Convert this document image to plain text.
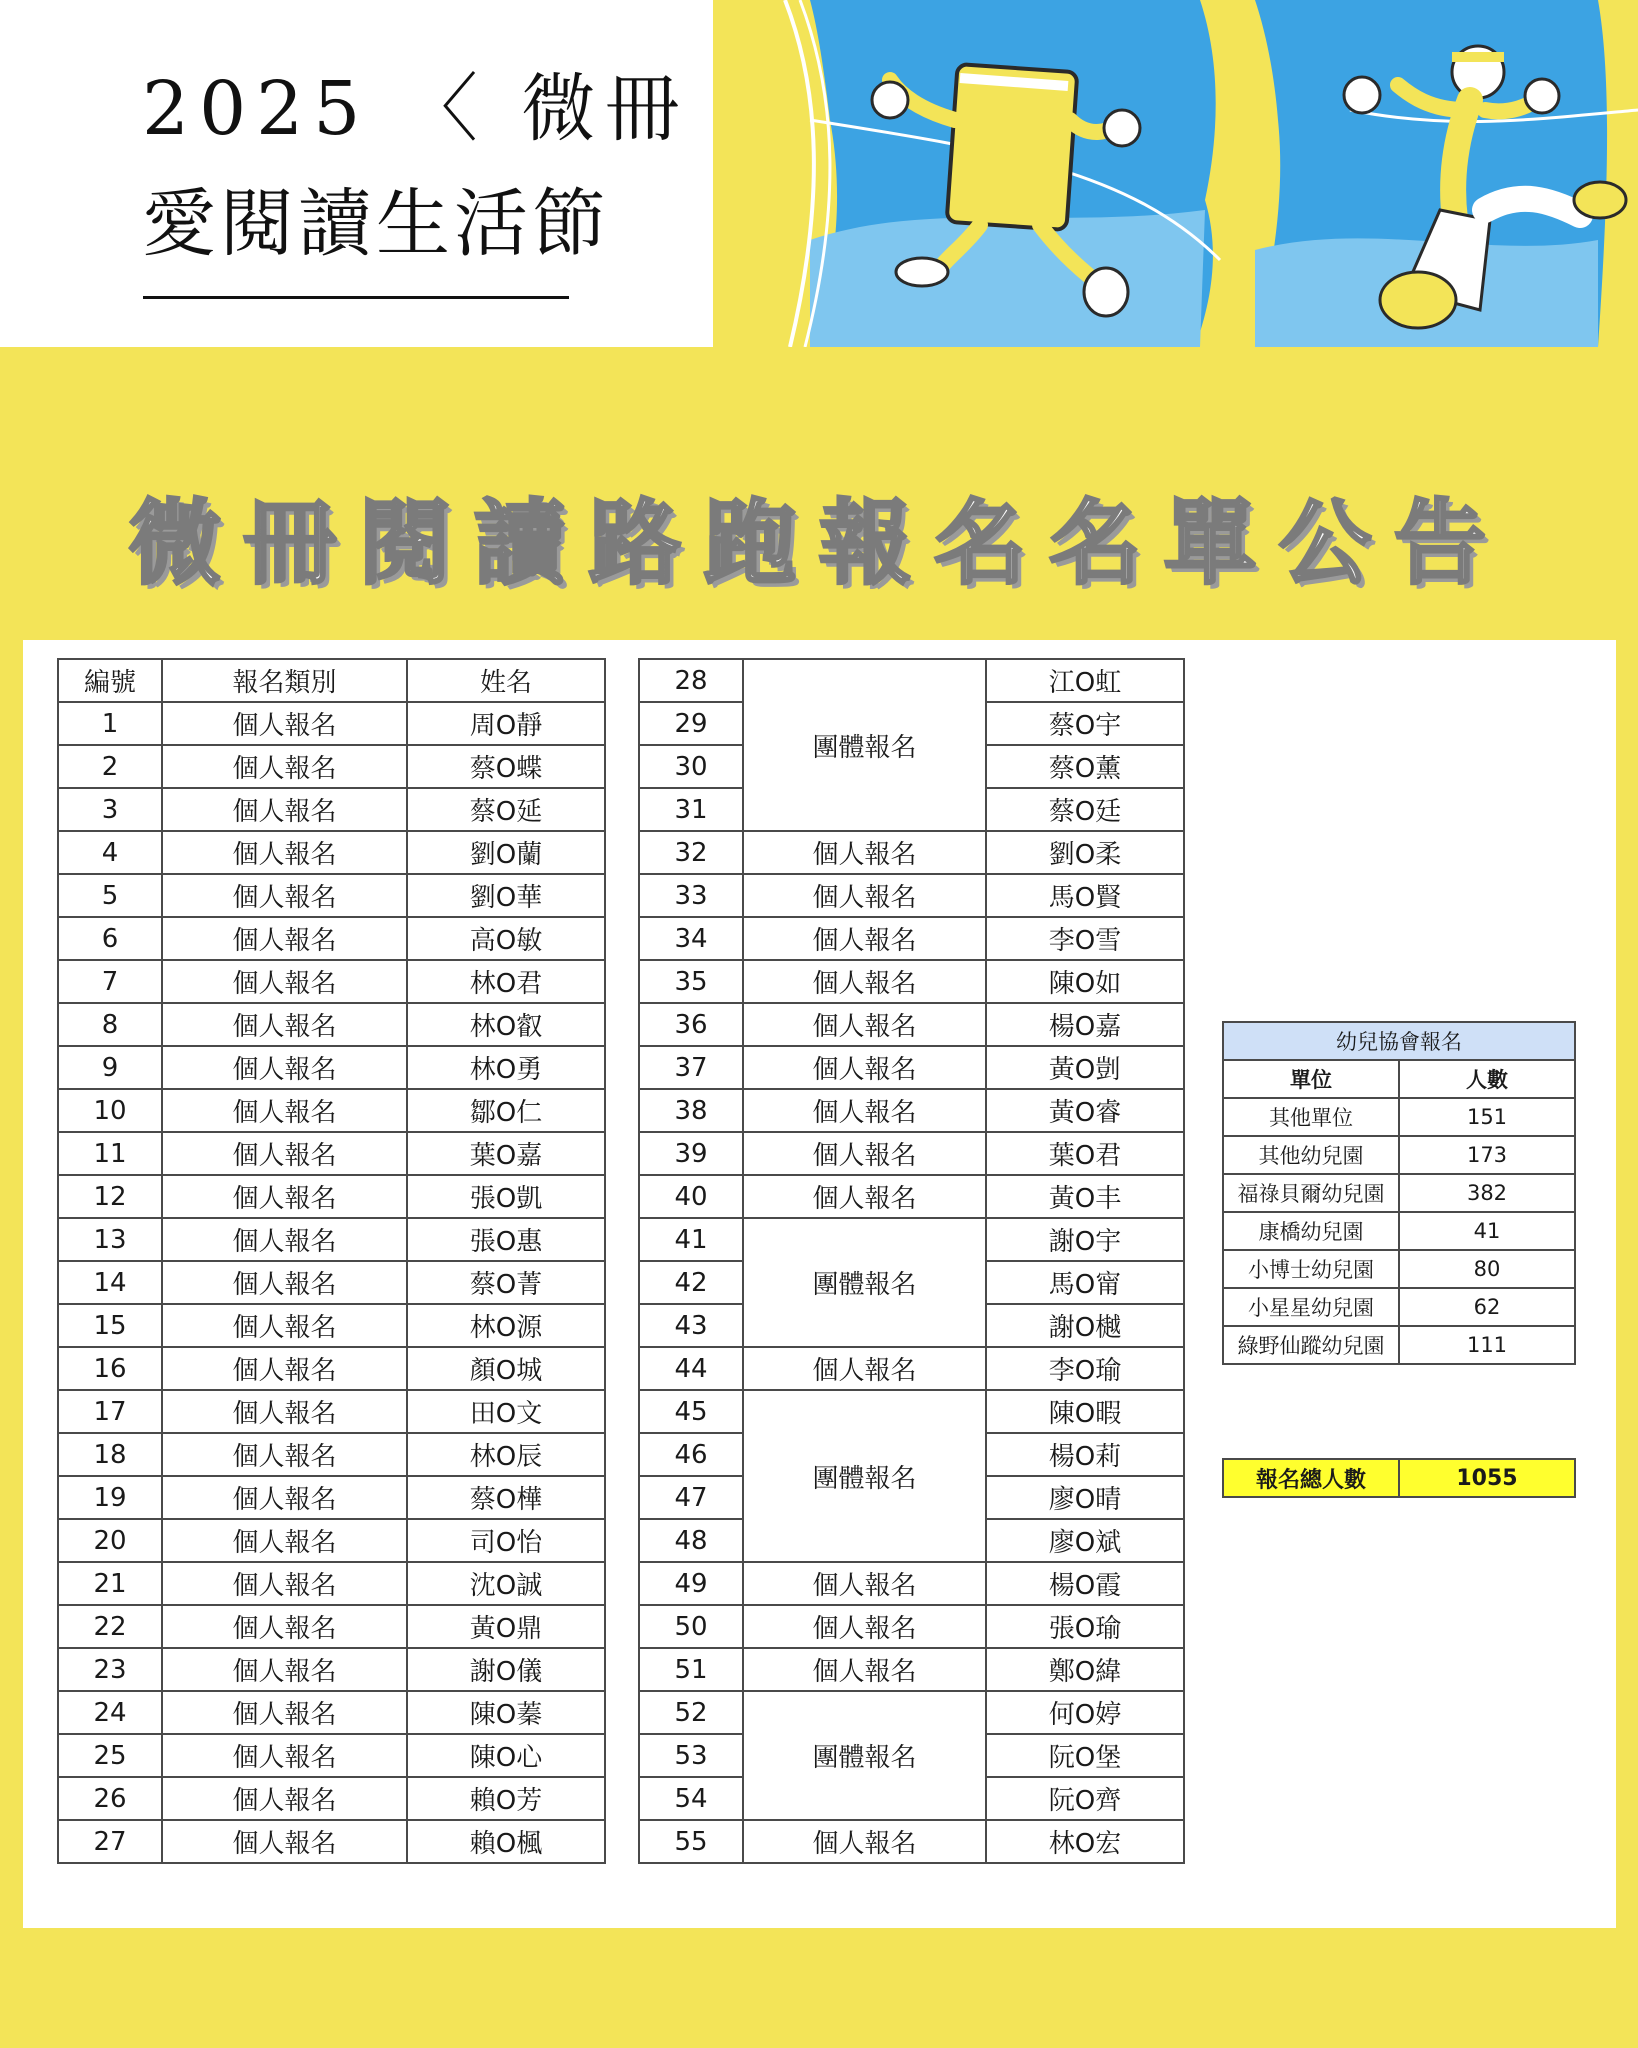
2025 〈 微冊
愛閱讀生活節
微冊閱讀路跑報名名單公告
編號	報名類別	姓名
1	個人報名	周O靜
2	個人報名	蔡O蝶
3	個人報名	蔡O延
4	個人報名	劉O蘭
5	個人報名	劉O華
6	個人報名	高O敏
7	個人報名	林O君
8	個人報名	林O叡
9	個人報名	林O勇
10	個人報名	鄒O仁
11	個人報名	葉O嘉
12	個人報名	張O凱
13	個人報名	張O惠
14	個人報名	蔡O菁
15	個人報名	林O源
16	個人報名	顏O城
17	個人報名	田O文
18	個人報名	林O辰
19	個人報名	蔡O樺
20	個人報名	司O怡
21	個人報名	沈O誠
22	個人報名	黃O鼎
23	個人報名	謝O儀
24	個人報名	陳O蓁
25	個人報名	陳O心
26	個人報名	賴O芳
27	個人報名	賴O楓
28	團體報名	江O虹
29		蔡O宇
30		蔡O薰
31		蔡O廷
32	個人報名	劉O柔
33	個人報名	馬O賢
34	個人報名	李O雪
35	個人報名	陳O如
36	個人報名	楊O嘉
37	個人報名	黃O剴
38	個人報名	黃O睿
39	個人報名	葉O君
40	個人報名	黃O丰
41	團體報名	謝O宇
42		馬O甯
43		謝O樾
44	個人報名	李O瑜
45	團體報名	陳O暇
46		楊O莉
47		廖O晴
48		廖O斌
49	個人報名	楊O霞
50	個人報名	張O瑜
51	個人報名	鄭O緯
52	團體報名	何O婷
53		阮O堡
54		阮O齊
55	個人報名	林O宏
幼兒協會報名	
單位	人數
其他單位	151
其他幼兒園	173
福祿貝爾幼兒園	382
康橋幼兒園	41
小博士幼兒園	80
小星星幼兒園	62
綠野仙蹤幼兒園	111
報名總人數	1055
